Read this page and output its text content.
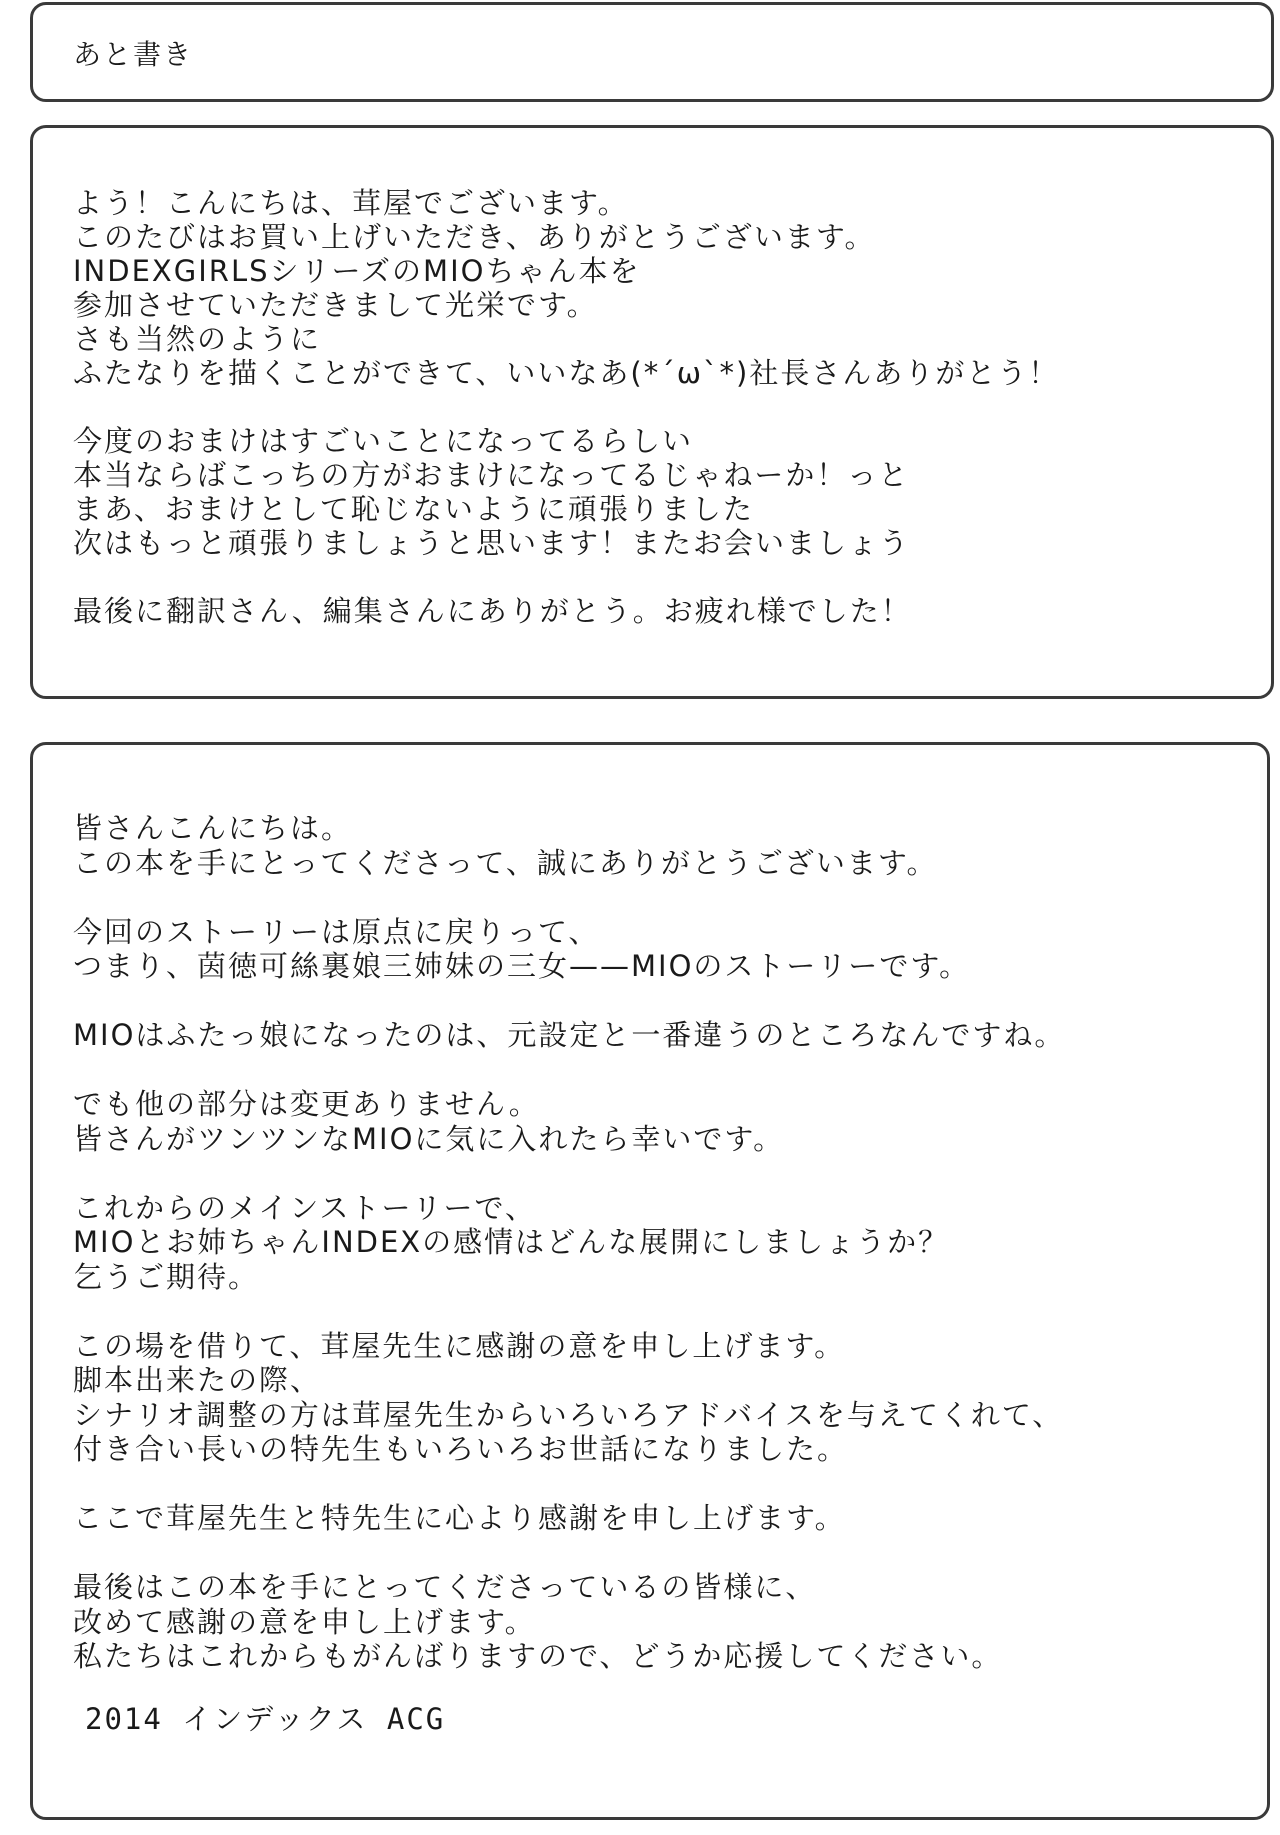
あと書き
よう！こんにちは、茸屋でございます。
このたびはお買い上げいただき、ありがとうございます。
INDEXGIRLSシリーズのMIOちゃん本を
参加させていただきまして光栄です。
さも当然のように
ふたなりを描くことができて、いいなあ(*´ω`*)社長さんありがとう！
今度のおまけはすごいことになってるらしい
本当ならばこっちの方がおまけになってるじゃねーか！っと
まあ、おまけとして恥じないように頑張りました
次はもっと頑張りましょうと思います！またお会いましょう
最後に翻訳さん、編集さんにありがとう。お疲れ様でした！
皆さんこんにちは。
この本を手にとってくださって、誠にありがとうございます。
今回のストーリーは原点に戻りって、
つまり、茵徳可絲裏娘三姉妹の三女——MIOのストーリーです。
MIOはふたっ娘になったのは、元設定と一番違うのところなんですね。
でも他の部分は変更ありません。
皆さんがツンツンなMIOに気に入れたら幸いです。
これからのメインストーリーで、
MIOとお姉ちゃんINDEXの感情はどんな展開にしましょうか？
乞うご期待。
この場を借りて、茸屋先生に感謝の意を申し上げます。
脚本出来たの際、
シナリオ調整の方は茸屋先生からいろいろアドバイスを与えてくれて、
付き合い長いの特先生もいろいろお世話になりました。
ここで茸屋先生と特先生に心より感謝を申し上げます。
最後はこの本を手にとってくださっているの皆様に、
改めて感謝の意を申し上げます。
私たちはこれからもがんばりますので、どうか応援してください。
2014 インデックス ACG
